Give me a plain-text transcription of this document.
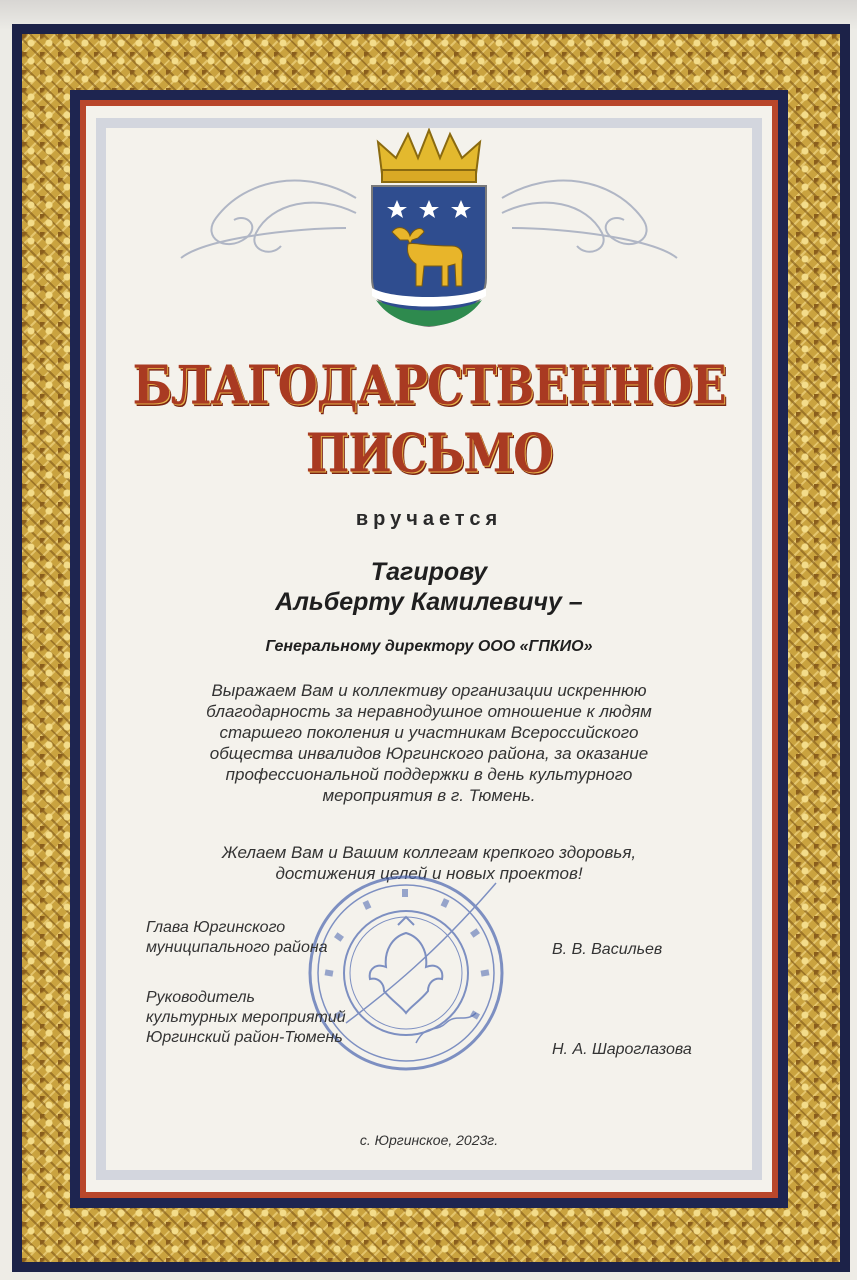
БЛАГОДАРСТВЕННОЕ
ПИСЬМО
вручается
Тагирову
Альберту Камилевичу –
Генеральному директору ООО «ГПКИО»
Выражаем Вам и коллективу организации искреннюю
благодарность за неравнодушное отношение к людям
старшего поколения и участникам Всероссийского
общества инвалидов Юргинского района, за оказание
профессиональной поддержки в день культурного
мероприятия в г. Тюмень.
Желаем Вам и Вашим коллегам крепкого здоровья,
достижения целей и новых проектов!
Глава Юргинского
муниципального района	В. В. Васильев
Руководитель
культурных мероприятий
Юргинский район-Тюмень
Н. А. Шароглазова
с. Юргинское, 2023г.
